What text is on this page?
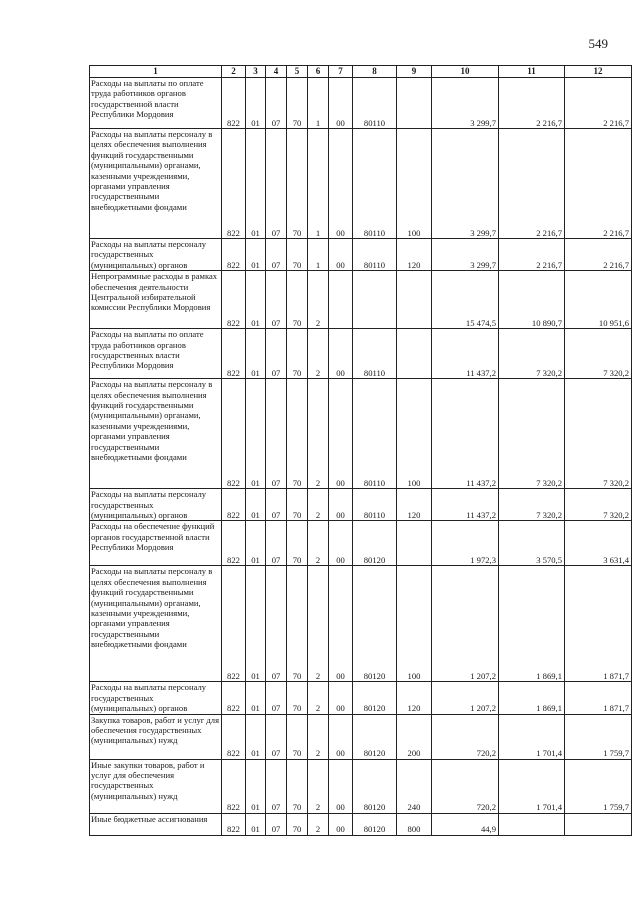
549
1	2	3	4	5	6	7	8	9	10	11	12
Расходы на выплаты по оплате труда работников органов государственной власти Республики Мордовия	822	01	07	70	1	00	80110		3 299,7	2 216,7	2 216,7
Расходы на выплаты персоналу в целях обеспечения выполнения функций государственными (муниципальными) органами, казенными учреждениями, органами управления государственными внебюджетными фондами	822	01	07	70	1	00	80110	100	3 299,7	2 216,7	2 216,7
Расходы на выплаты персоналу государственных (муниципальных) органов	822	01	07	70	1	00	80110	120	3 299,7	2 216,7	2 216,7
Непрограммные расходы в рамках обеспечения деятельности Центральной избирательной комиссии Республики Мордовия	822	01	07	70	2				15 474,5	10 890,7	10 951,6
Расходы на выплаты по оплате труда работников органов государственных власти Республики Мордовия	822	01	07	70	2	00	80110		11 437,2	7 320,2	7 320,2
Расходы на выплаты персоналу в целях обеспечения выполнения функций государственными (муниципальными) органами, казенными учреждениями, органами управления государственными внебюджетными фондами	822	01	07	70	2	00	80110	100	11 437,2	7 320,2	7 320,2
Расходы на выплаты персоналу государственных (муниципальных) органов	822	01	07	70	2	00	80110	120	11 437,2	7 320,2	7 320,2
Расходы на обеспечение функций органов государственной власти Республики Мордовия	822	01	07	70	2	00	80120		1 972,3	3 570,5	3 631,4
Расходы на выплаты персоналу в целях обеспечения выполнения функций государственными (муниципальными) органами, казенными учреждениями, органами управления государственными внебюджетными фондами	822	01	07	70	2	00	80120	100	1 207,2	1 869,1	1 871,7
Расходы на выплаты персоналу государственных (муниципальных) органов	822	01	07	70	2	00	80120	120	1 207,2	1 869,1	1 871,7
Закупка товаров, работ и услуг для обеспечения государственных (муниципальных) нужд	822	01	07	70	2	00	80120	200	720,2	1 701,4	1 759,7
Иные закупки товаров, работ и услуг для обеспечения государственных (муниципальных) нужд	822	01	07	70	2	00	80120	240	720,2	1 701,4	1 759,7
Иные бюджетные ассигнования	822	01	07	70	2	00	80120	800	44,9		
